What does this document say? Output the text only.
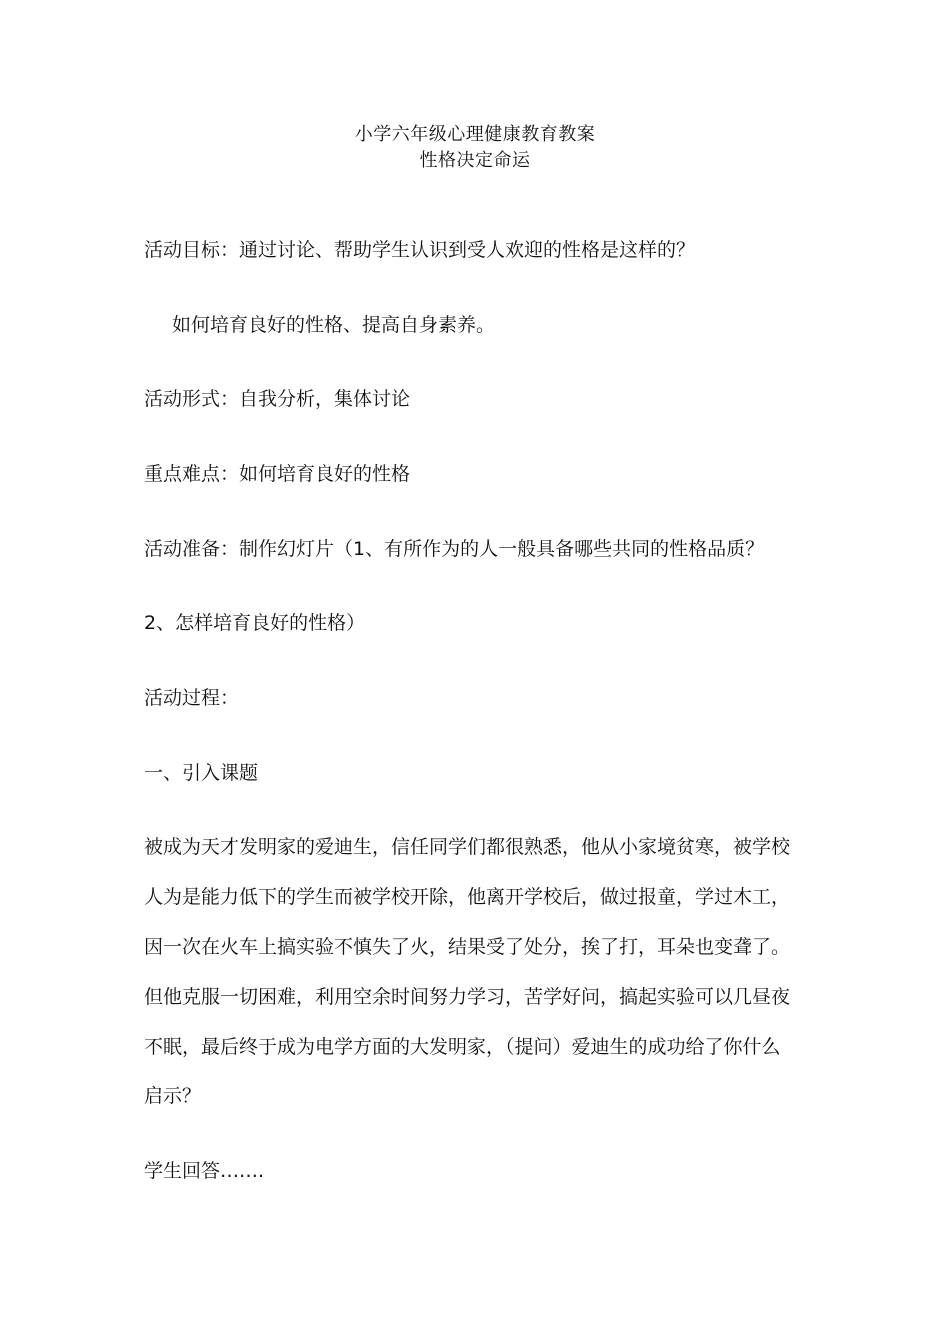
小学六年级心理健康教育教案
性格决定命运
活动目标：通过讨论、帮助学生认识到受人欢迎的性格是这样的？
如何培育良好的性格、提高自身素养。
活动形式：自我分析，集体讨论
重点难点：如何培育良好的性格
活动准备：制作幻灯片（1、有所作为的人一般具备哪些共同的性格品质？
2、怎样培育良好的性格）
活动过程：
一、引入课题
被成为天才发明家的爱迪生，信任同学们都很熟悉，他从小家境贫寒，被学校
人为是能力低下的学生而被学校开除，他离开学校后，做过报童，学过木工，
因一次在火车上搞实验不慎失了火，结果受了处分，挨了打，耳朵也变聋了。
但他克服一切困难，利用空余时间努力学习，苦学好问，搞起实验可以几昼夜
不眠，最后终于成为电学方面的大发明家，（提问）爱迪生的成功给了你什么
启示？
学生回答…….
